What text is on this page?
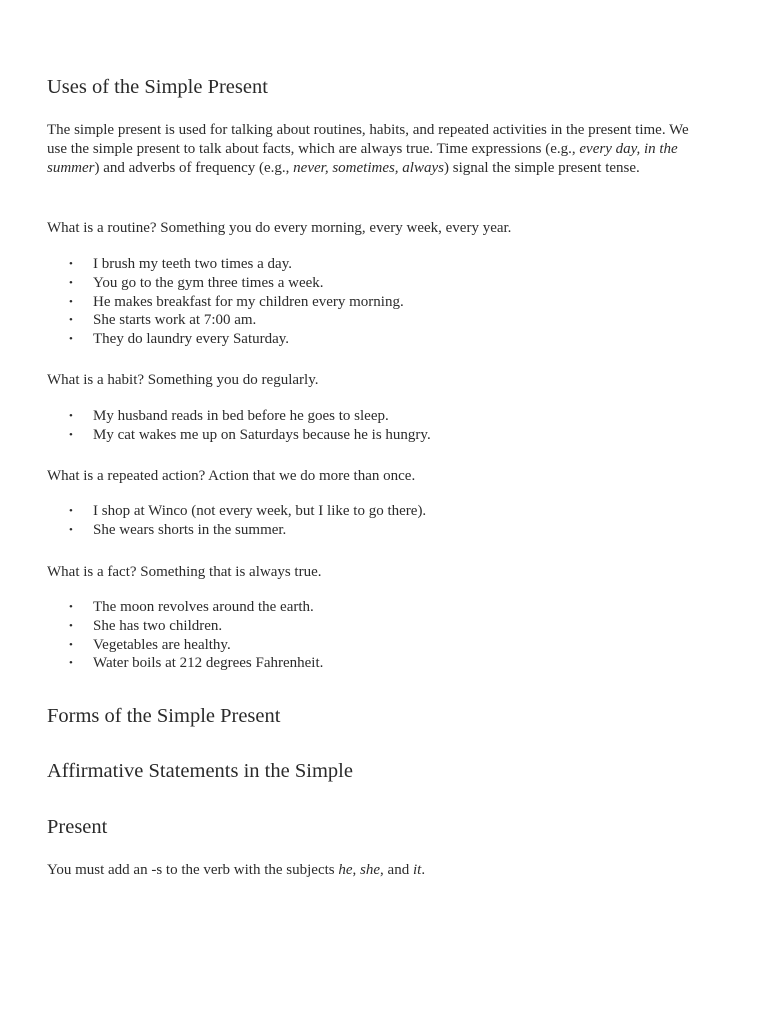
Uses of the Simple Present

The simple present is used for talking about routines, habits, and repeated activities in the present time. We use the simple present to talk about facts, which are always true. Time expressions (e.g., every day, in the summer) and adverbs of frequency (e.g., never, sometimes, always) signal the simple present tense.

What is a routine? Something you do every morning, every week, every year.

• I brush my teeth two times a day.
• You go to the gym three times a week.
• He makes breakfast for my children every morning.
• She starts work at 7:00 am.
• They do laundry every Saturday.

What is a habit? Something you do regularly.

• My husband reads in bed before he goes to sleep.
• My cat wakes me up on Saturdays because he is hungry.

What is a repeated action? Action that we do more than once.

• I shop at Winco (not every week, but I like to go there).
• She wears shorts in the summer.

What is a fact? Something that is always true.

• The moon revolves around the earth.
• She has two children.
• Vegetables are healthy.
• Water boils at 212 degrees Fahrenheit.
Forms of the Simple Present
Affirmative Statements in the Simple
Present

You must add an -s to the verb with the subjects he, she, and it.
